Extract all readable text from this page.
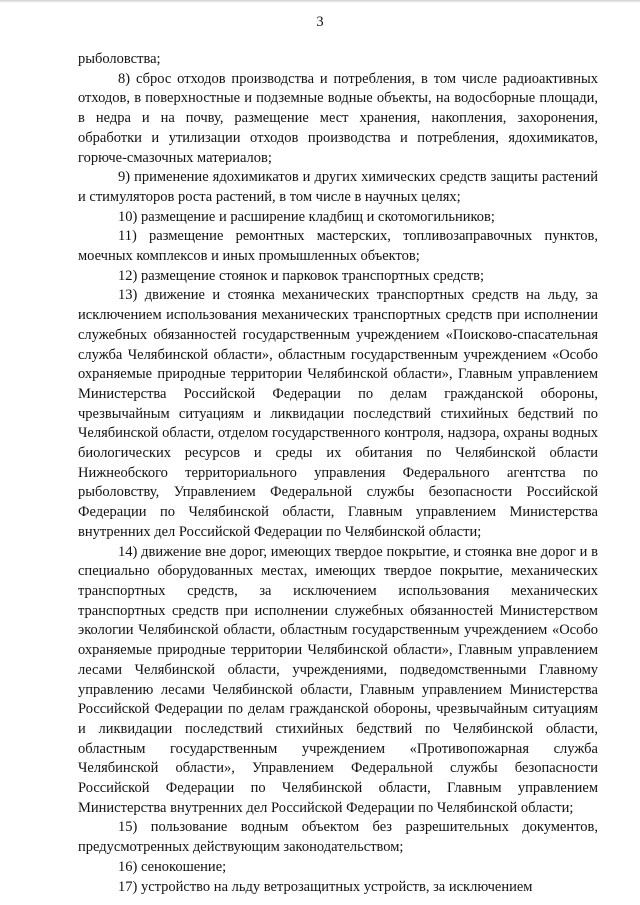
3

рыболовства;

8) сброс отходов производства и потребления, в том числе радиоактивных отходов, в поверхностные и подземные водные объекты, на водосборные площади, в недра и на почву, размещение мест хранения, накопления, захоронения, обработки и утилизации отходов производства и потребления, ядохимикатов, горюче-смазочных материалов;

9) применение ядохимикатов и других химических средств защиты растений и стимуляторов роста растений, в том числе в научных целях;

10) размещение и расширение кладбищ и скотомогильников;

11) размещение ремонтных мастерских, топливозаправочных пунктов, моечных комплексов и иных промышленных объектов;

12) размещение стоянок и парковок транспортных средств;

13) движение и стоянка механических транспортных средств на льду, за исключением использования механических транспортных средств при исполнении служебных обязанностей государственным учреждением «Поисково-спасательная служба Челябинской области», областным государственным учреждением «Особо охраняемые природные территории Челябинской области», Главным управлением Министерства Российской Федерации по делам гражданской обороны, чрезвычайным ситуациям и ликвидации последствий стихийных бедствий по Челябинской области, отделом государственного контроля, надзора, охраны водных биологических ресурсов и среды их обитания по Челябинской области Нижнеобского территориального управления Федерального агентства по рыболовству, Управлением Федеральной службы безопасности Российской Федерации по Челябинской области, Главным управлением Министерства внутренних дел Российской Федерации по Челябинской области;

14) движение вне дорог, имеющих твердое покрытие, и стоянка вне дорог и в специально оборудованных местах, имеющих твердое покрытие, механических транспортных средств, за исключением использования механических транспортных средств при исполнении служебных обязанностей Министерством экологии Челябинской области, областным государственным учреждением «Особо охраняемые природные территории Челябинской области», Главным управлением лесами Челябинской области, учреждениями, подведомственными Главному управлению лесами Челябинской области, Главным управлением Министерства Российской Федерации по делам гражданской обороны, чрезвычайным ситуациям и ликвидации последствий стихийных бедствий по Челябинской области, областным государственным учреждением «Противопожарная служба Челябинской области», Управлением Федеральной службы безопасности Российской Федерации по Челябинской области, Главным управлением Министерства внутренних дел Российской Федерации по Челябинской области;

15) пользование водным объектом без разрешительных документов, предусмотренных действующим законодательством;

16) сенокошение;

17) устройство на льду ветрозащитных устройств, за исключением
